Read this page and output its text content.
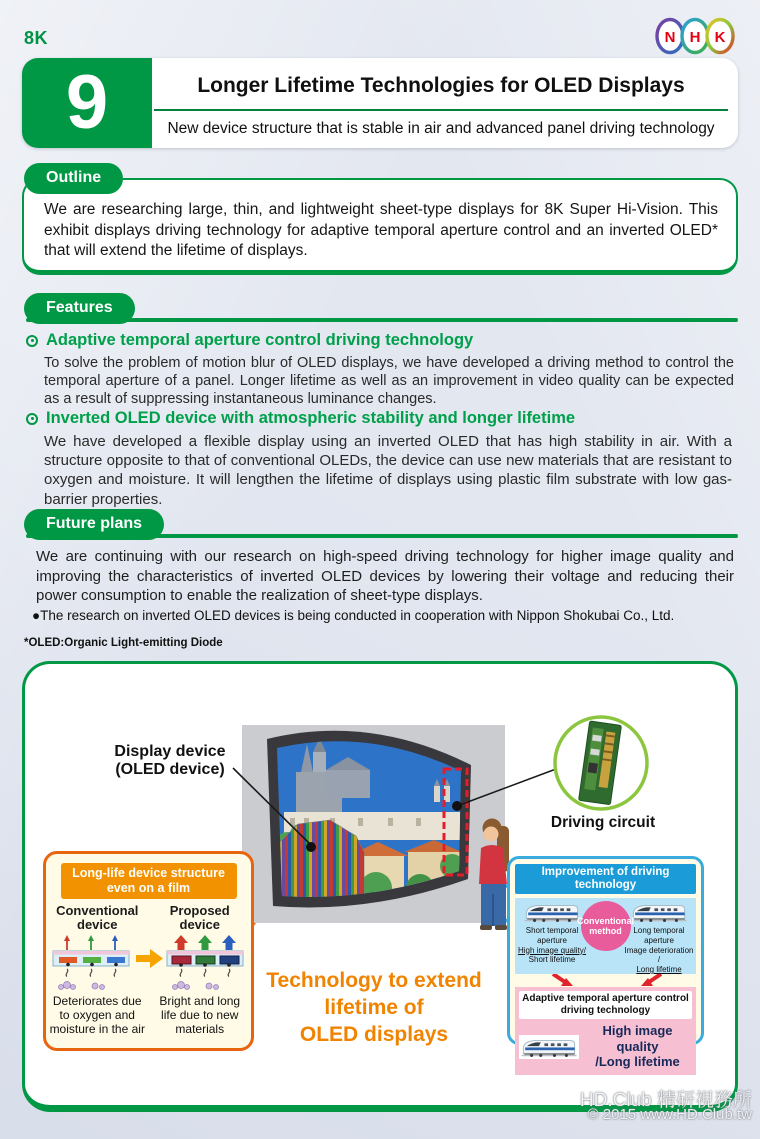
8K	N H K
9	Longer Lifetime Technologies for OLED Displays
New device structure that is stable in air and advanced panel driving technology
Outline
We are researching large, thin, and lightweight sheet-type displays for 8K Super Hi-Vision. This exhibit displays driving technology for adaptive temporal aperture control and an inverted OLED* that will extend the lifetime of displays.
Features
Adaptive temporal aperture control driving technology
To solve the problem of motion blur of OLED displays, we have developed a driving method to control the temporal aperture of a panel. Longer lifetime as well as an improvement in video quality can be expected as a result of suppressing instantaneous luminance changes.
Inverted OLED device with atmospheric stability and longer lifetime
We have developed a flexible display using an inverted OLED that has high stability in air. With a structure opposite to that of conventional OLEDs, the device can use new materials that are resistant to oxygen and moisture. It will lengthen the lifetime of displays using plastic film substrate with low gas-barrier properties.
Future plans
We are continuing with our research on high-speed driving technology for higher image quality and improving the characteristics of inverted OLED devices by lowering their voltage and reducing their power consumption to enable the realization of sheet-type displays.
●The research on inverted OLED devices is being conducted in cooperation with Nippon Shokubai Co., Ltd.
*OLED:Organic Light-emitting Diode
Display device
(OLED device)
Driving circuit
Technology to extend
lifetime of
OLED displays
Long-life device structure
even on a film
Conventional device
Proposed device
Deteriorates due to oxygen and moisture in the air
Bright and long life due to new materials
Improvement of driving technology
Short temporal
aperture
High image quality/
Short lifetime
Long temporal
aperture
Image deterioration /
Long lifetime
Conventional
method
Adaptive temporal aperture control
driving technology
High image quality
/Long lifetime
HD.Club 精研視務所
© 2015 www.HD.Club.tw
